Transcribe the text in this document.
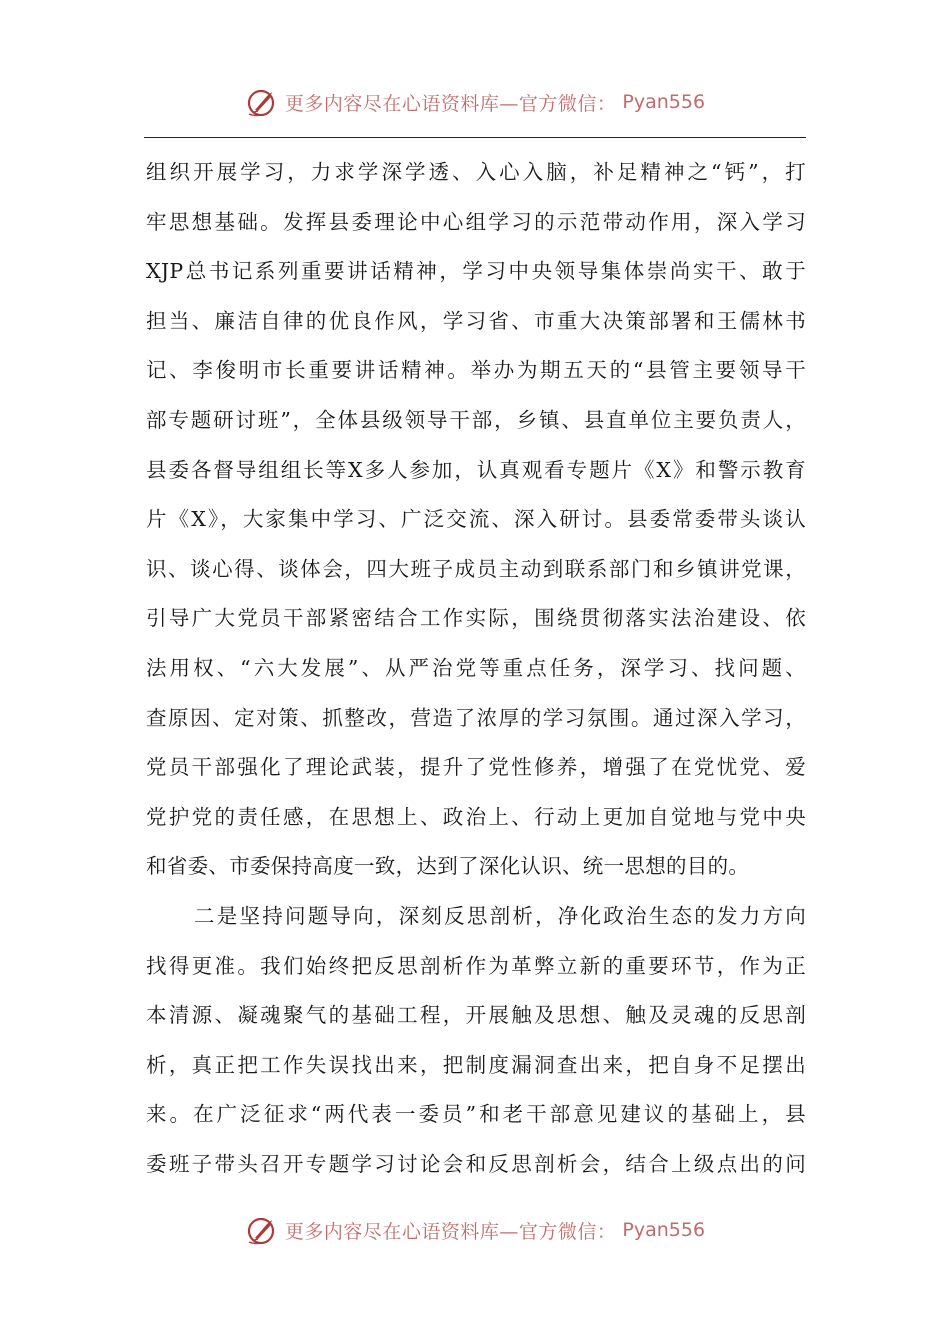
更多内容尽在心语资料库—官方微信： Pyan556
组织开展学习，力求学深学透、入心入脑，补足精神之“钙”，打
牢思想基础。发挥县委理论中心组学习的示范带动作用，深入学习
XJP总书记系列重要讲话精神，学习中央领导集体崇尚实干、敢于
担当、廉洁自律的优良作风，学习省、市重大决策部署和王儒林书
记、李俊明市长重要讲话精神。举办为期五天的“县管主要领导干
部专题研讨班”，全体县级领导干部，乡镇、县直单位主要负责人，
县委各督导组组长等X多人参加，认真观看专题片《X》和警示教育
片《X》，大家集中学习、广泛交流、深入研讨。县委常委带头谈认
识、谈心得、谈体会，四大班子成员主动到联系部门和乡镇讲党课，
引导广大党员干部紧密结合工作实际，围绕贯彻落实法治建设、依
法用权、“六大发展”、从严治党等重点任务，深学习、找问题、
查原因、定对策、抓整改，营造了浓厚的学习氛围。通过深入学习，
党员干部强化了理论武装，提升了党性修养，增强了在党忧党、爱
党护党的责任感，在思想上、政治上、行动上更加自觉地与党中央
和省委、市委保持高度一致，达到了深化认识、统一思想的目的。
二是坚持问题导向，深刻反思剖析，净化政治生态的发力方向
找得更准。我们始终把反思剖析作为革弊立新的重要环节，作为正
本清源、凝魂聚气的基础工程，开展触及思想、触及灵魂的反思剖
析，真正把工作失误找出来，把制度漏洞查出来，把自身不足摆出
来。在广泛征求“两代表一委员”和老干部意见建议的基础上，县
委班子带头召开专题学习讨论会和反思剖析会，结合上级点出的问
更多内容尽在心语资料库—官方微信： Pyan556
